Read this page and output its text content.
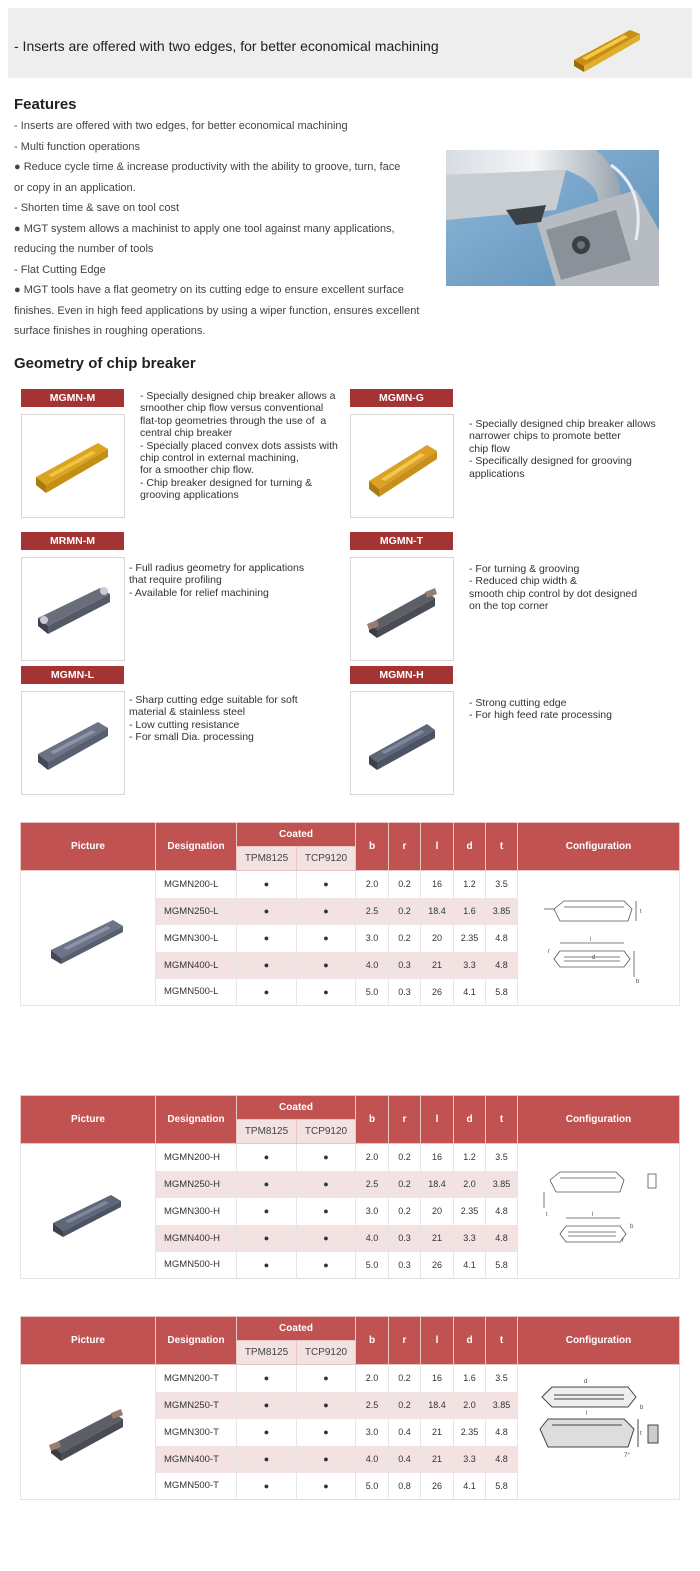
- Inserts are offered with two edges, for better economical machining
Features
- Inserts are offered with two edges, for better economical machining
- Multi function operations
● Reduce cycle time & increase productivity with the ability to groove, turn, face
or copy in an application.
- Shorten time & save on tool cost
● MGT system allows a machinist to apply one tool against many applications,
reducing the number of tools
- Flat Cutting Edge
● MGT tools have a flat geometry on its cutting edge to ensure excellent surface
finishes. Even in high feed applications by using a wiper function, ensures excellent
surface finishes in roughing operations.
Geometry of chip breaker
MGMN-M	- Specially designed chip breaker allows a
smoother chip flow versus conventional
flat-top geometries through the use of  a
central chip breaker
- Specially placed convex dots assists with
chip control in external machining,
for a smoother chip flow.
- Chip breaker designed for turning &
grooving applications
MGMN-G
- Specially designed chip breaker allows
narrower chips to promote better
chip flow
- Specifically designed for grooving
applications
MRMN-M
- Full radius geometry for applications
that require profiling
- Available for relief machining
MGMN-T
- For turning & grooving
- Reduced chip width &
smooth chip control by dot designed
on the top corner
MGMN-L
- Sharp cutting edge suitable for soft
material & stainless steel
- Low cutting resistance
- For small Dia. processing
MGMN-H
- Strong cutting edge
- For high feed rate processing
Picture	Designation	Coated		b	r	l	d	t	Configuration
		TPM8125	TCP9120						
	MGMN200-L	●	●	2.0	0.2	16	1.2	3.5	t
l
d
r
b

	MGMN250-L	●	●	2.5	0.2	18.4	1.6	3.85	
	MGMN300-L	●	●	3.0	0.2	20	2.35	4.8	
	MGMN400-L	●	●	4.0	0.3	21	3.3	4.8	
	MGMN500-L	●	●	5.0	0.3	26	4.1	5.8	
Picture	Designation	Coated		b	r	l	d	t	Configuration
		TPM8125	TCP9120						
	MGMN200-H	●	●	2.0	0.2	16	1.2	3.5	t l
b
r

	MGMN250-H	●	●	2.5	0.2	18.4	2.0	3.85	
	MGMN300-H	●	●	3.0	0.2	20	2.35	4.8	
	MGMN400-H	●	●	4.0	0.3	21	3.3	4.8	
	MGMN500-H	●	●	5.0	0.3	26	4.1	5.8	
Picture	Designation	Coated		b	r	l	d	t	Configuration
		TPM8125	TCP9120						
	MGMN200-T	●	●	2.0	0.2	16	1.6	3.5	d
l
b
t
7°

	MGMN250-T	●	●	2.5	0.2	18.4	2.0	3.85	
	MGMN300-T	●	●	3.0	0.4	21	2.35	4.8	
	MGMN400-T	●	●	4.0	0.4	21	3.3	4.8	
	MGMN500-T	●	●	5.0	0.8	26	4.1	5.8	
